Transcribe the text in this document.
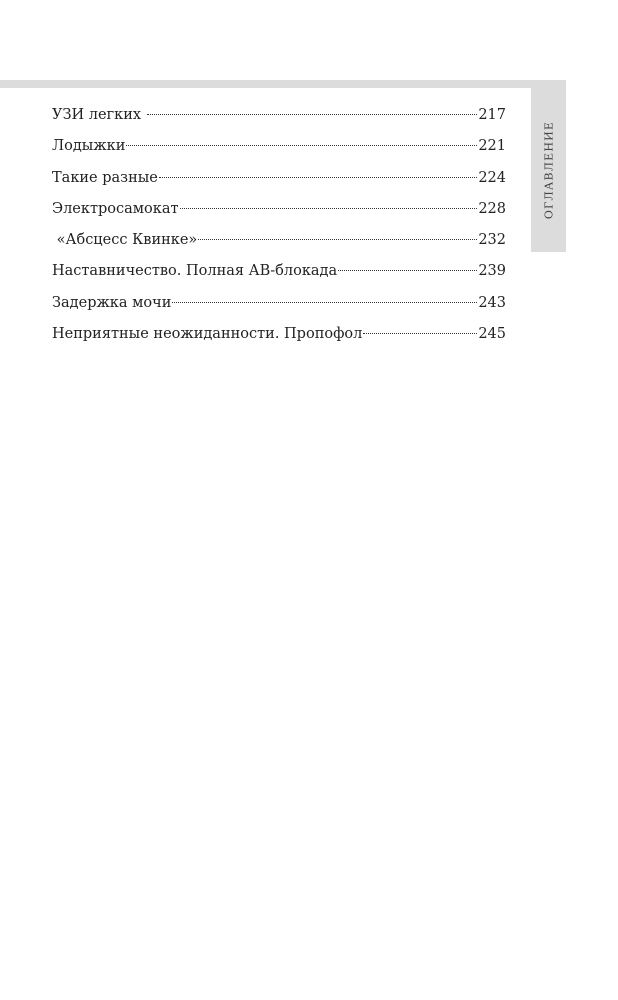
ОГЛАВЛЕНИЕ
УЗИ легких	217
Лодыжки	221
Такие разные	224
Электросамокат	228
«Абсцесс Квинке»	232
Наставничество. Полная АВ-блокада	239
Задержка мочи	243
Неприятные неожиданности. Пропофол	245
